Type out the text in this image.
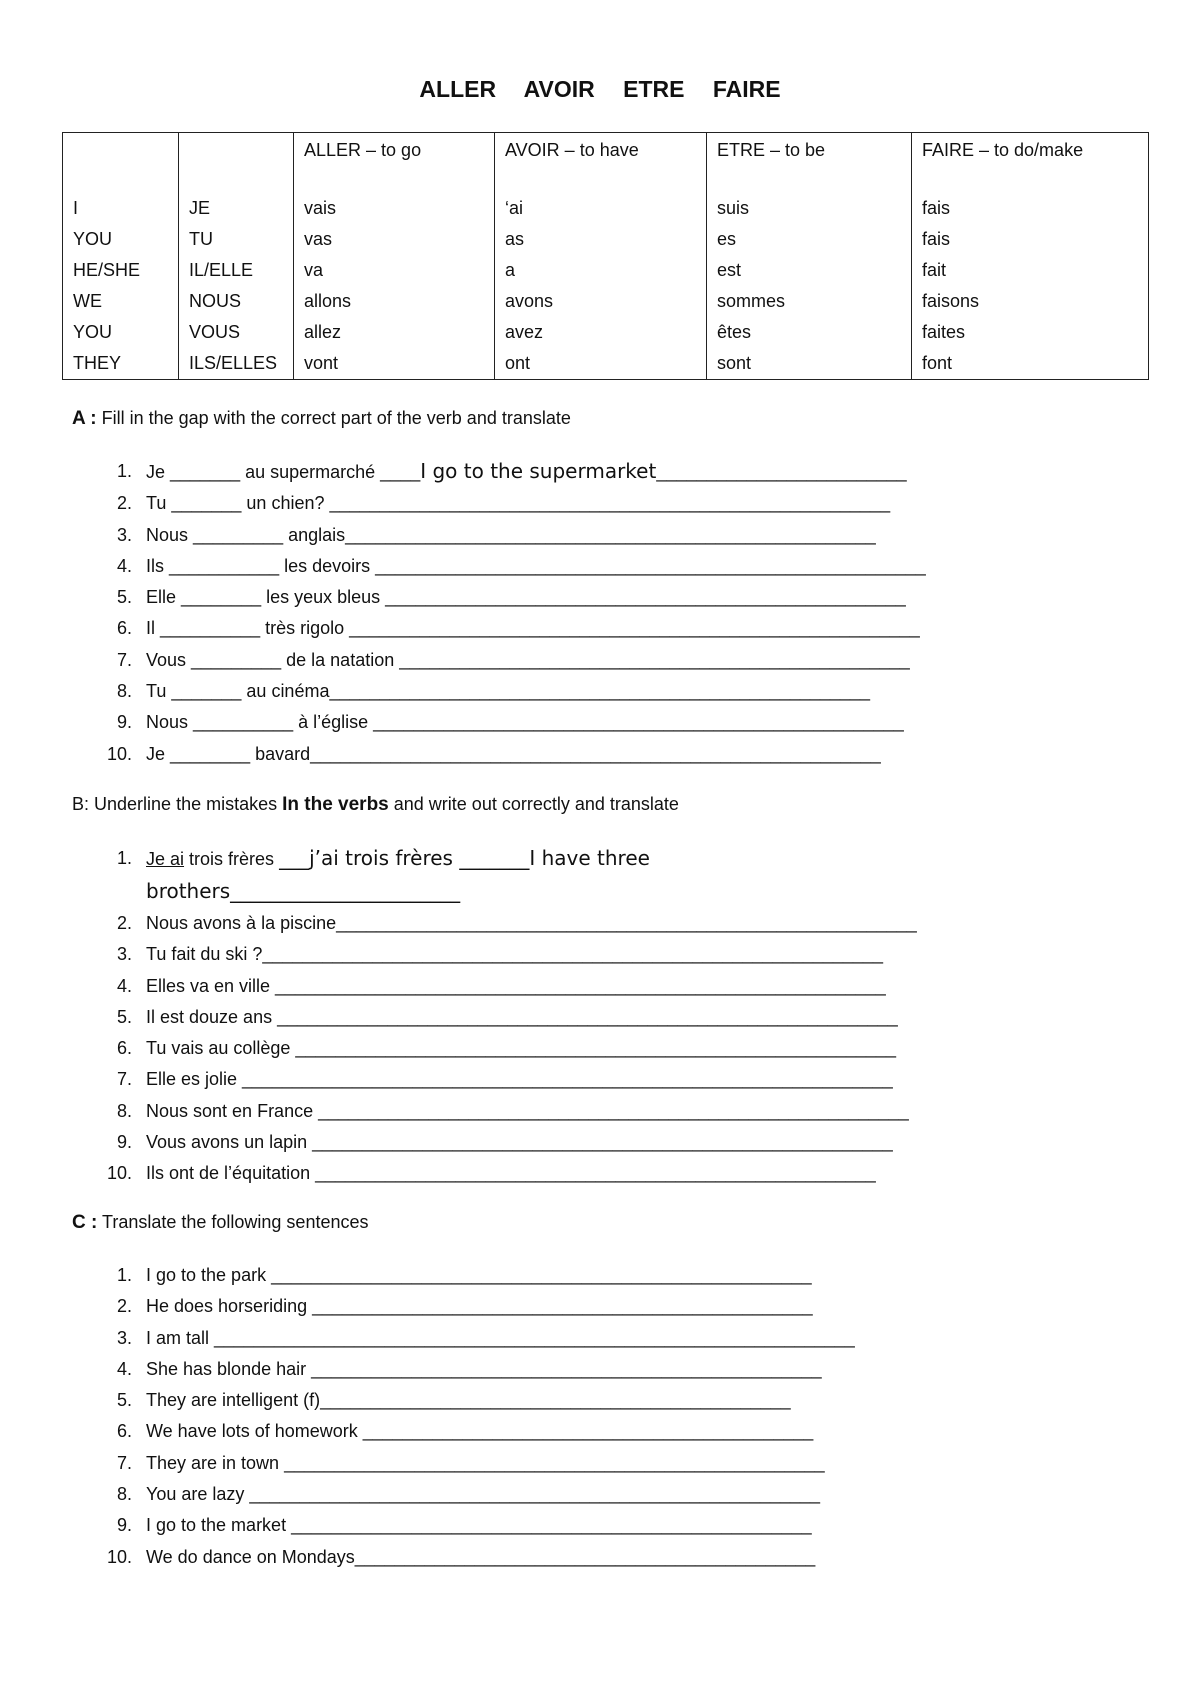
ALLER AVOIR ETRE FAIRE
		ALLER – to go	AVOIR – to have	ETRE – to be	FAIRE – to do/make
I	JE	vais	‘ai	suis	fais
YOU	TU	vas	as	es	fais
HE/SHE	IL/ELLE	va	a	est	fait
WE	NOUS	allons	avons	sommes	faisons
YOU	VOUS	allez	avez	êtes	faites
THEY	ILS/ELLES	vont	ont	sont	font

A : Fill in the gap with the correct part of the verb and translate

1. Je _______ au supermarché ____I go to the supermarket_________________________
2. Tu _______ un chien? ________________________________________________________
3. Nous _________ anglais_____________________________________________________
4. Ils ___________ les devoirs _______________________________________________________
5. Elle ________ les yeux bleus ____________________________________________________
6. Il __________ très rigolo _________________________________________________________
7. Vous _________ de la natation ___________________________________________________
8. Tu _______ au cinéma______________________________________________________
9. Nous __________ à l’église _____________________________________________________
10. Je ________ bavard_________________________________________________________

B: Underline the mistakes In the verbs and write out correctly and translate

1. Je ai trois frères ___j’ai trois frères _______I have three brothers_______________________
2. Nous avons à la piscine__________________________________________________________
3. Tu fait du ski ?______________________________________________________________
4. Elles va en ville _____________________________________________________________
5. Il est douze ans ______________________________________________________________
6. Tu vais au collège ____________________________________________________________
7. Elle es jolie _________________________________________________________________
8. Nous sont en France ___________________________________________________________
9. Vous avons un lapin __________________________________________________________
10. Ils ont de l’équitation ________________________________________________________

C : Translate the following sentences

1. I go to the park ______________________________________________________
2. He does horseriding __________________________________________________
3. I am tall ________________________________________________________________
4. She has blonde hair ___________________________________________________
5. They are intelligent (f)_______________________________________________
6. We have lots of homework _____________________________________________
7. They are in town ______________________________________________________
8. You are lazy _________________________________________________________
9. I go to the market ____________________________________________________
10. We do dance on Mondays______________________________________________
